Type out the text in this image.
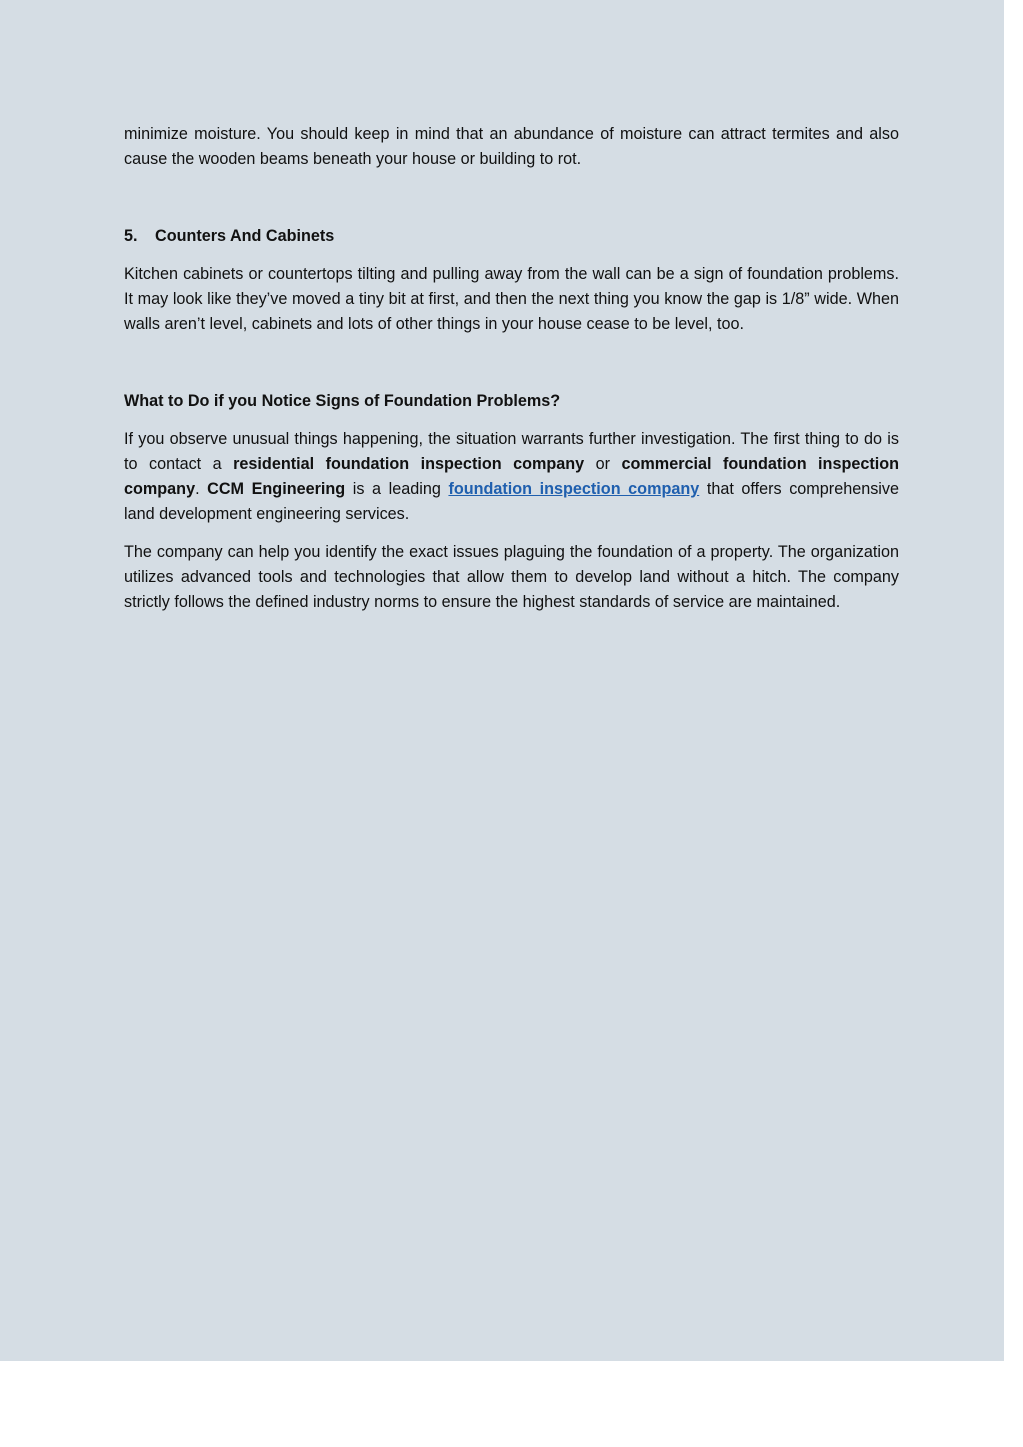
minimize moisture. You should keep in mind that an abundance of moisture can attract termites and also cause the wooden beams beneath your house or building to rot.

5.	Counters And Cabinets

Kitchen cabinets or countertops tilting and pulling away from the wall can be a sign of foundation problems. It may look like they’ve moved a tiny bit at first, and then the next thing you know the gap is 1/8” wide. When walls aren’t level, cabinets and lots of other things in your house cease to be level, too.

What to Do if you Notice Signs of Foundation Problems?

If you observe unusual things happening, the situation warrants further investigation. The first thing to do is to contact a residential foundation inspection company or commercial foundation inspection company. CCM Engineering is a leading foundation inspection company that offers comprehensive land development engineering services.

The company can help you identify the exact issues plaguing the foundation of a property. The organization utilizes advanced tools and technologies that allow them to develop land without a hitch. The company strictly follows the defined industry norms to ensure the highest standards of service are maintained.
